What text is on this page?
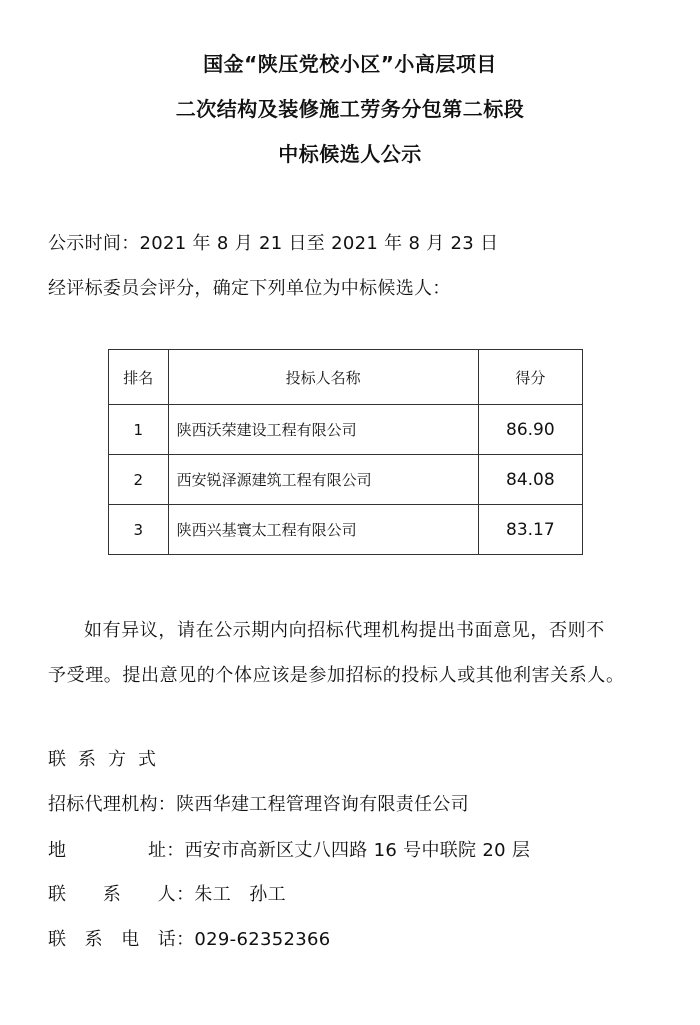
国金“陕压党校小区”小高层项目
二次结构及装修施工劳务分包第二标段
中标候选人公示
公示时间：2021 年 8 月 21 日至 2021 年 8 月 23 日
经评标委员会评分，确定下列单位为中标候选人：
排名	投标人名称	得分
1	陕西沃荣建设工程有限公司	86.90
2	西安锐泽源建筑工程有限公司	84.08
3	陕西兴基寰太工程有限公司	83.17
如有异议，请在公示期内向招标代理机构提出书面意见，否则不
予受理。提出意见的个体应该是参加招标的投标人或其他利害关系人。
联系方式
招标代理机构：陕西华建工程管理咨询有限责任公司
地	址：西安市高新区丈八四路 16 号中联院 20 层
联　　系　　人：朱工　孙工
联　系　电　话：029-62352366
